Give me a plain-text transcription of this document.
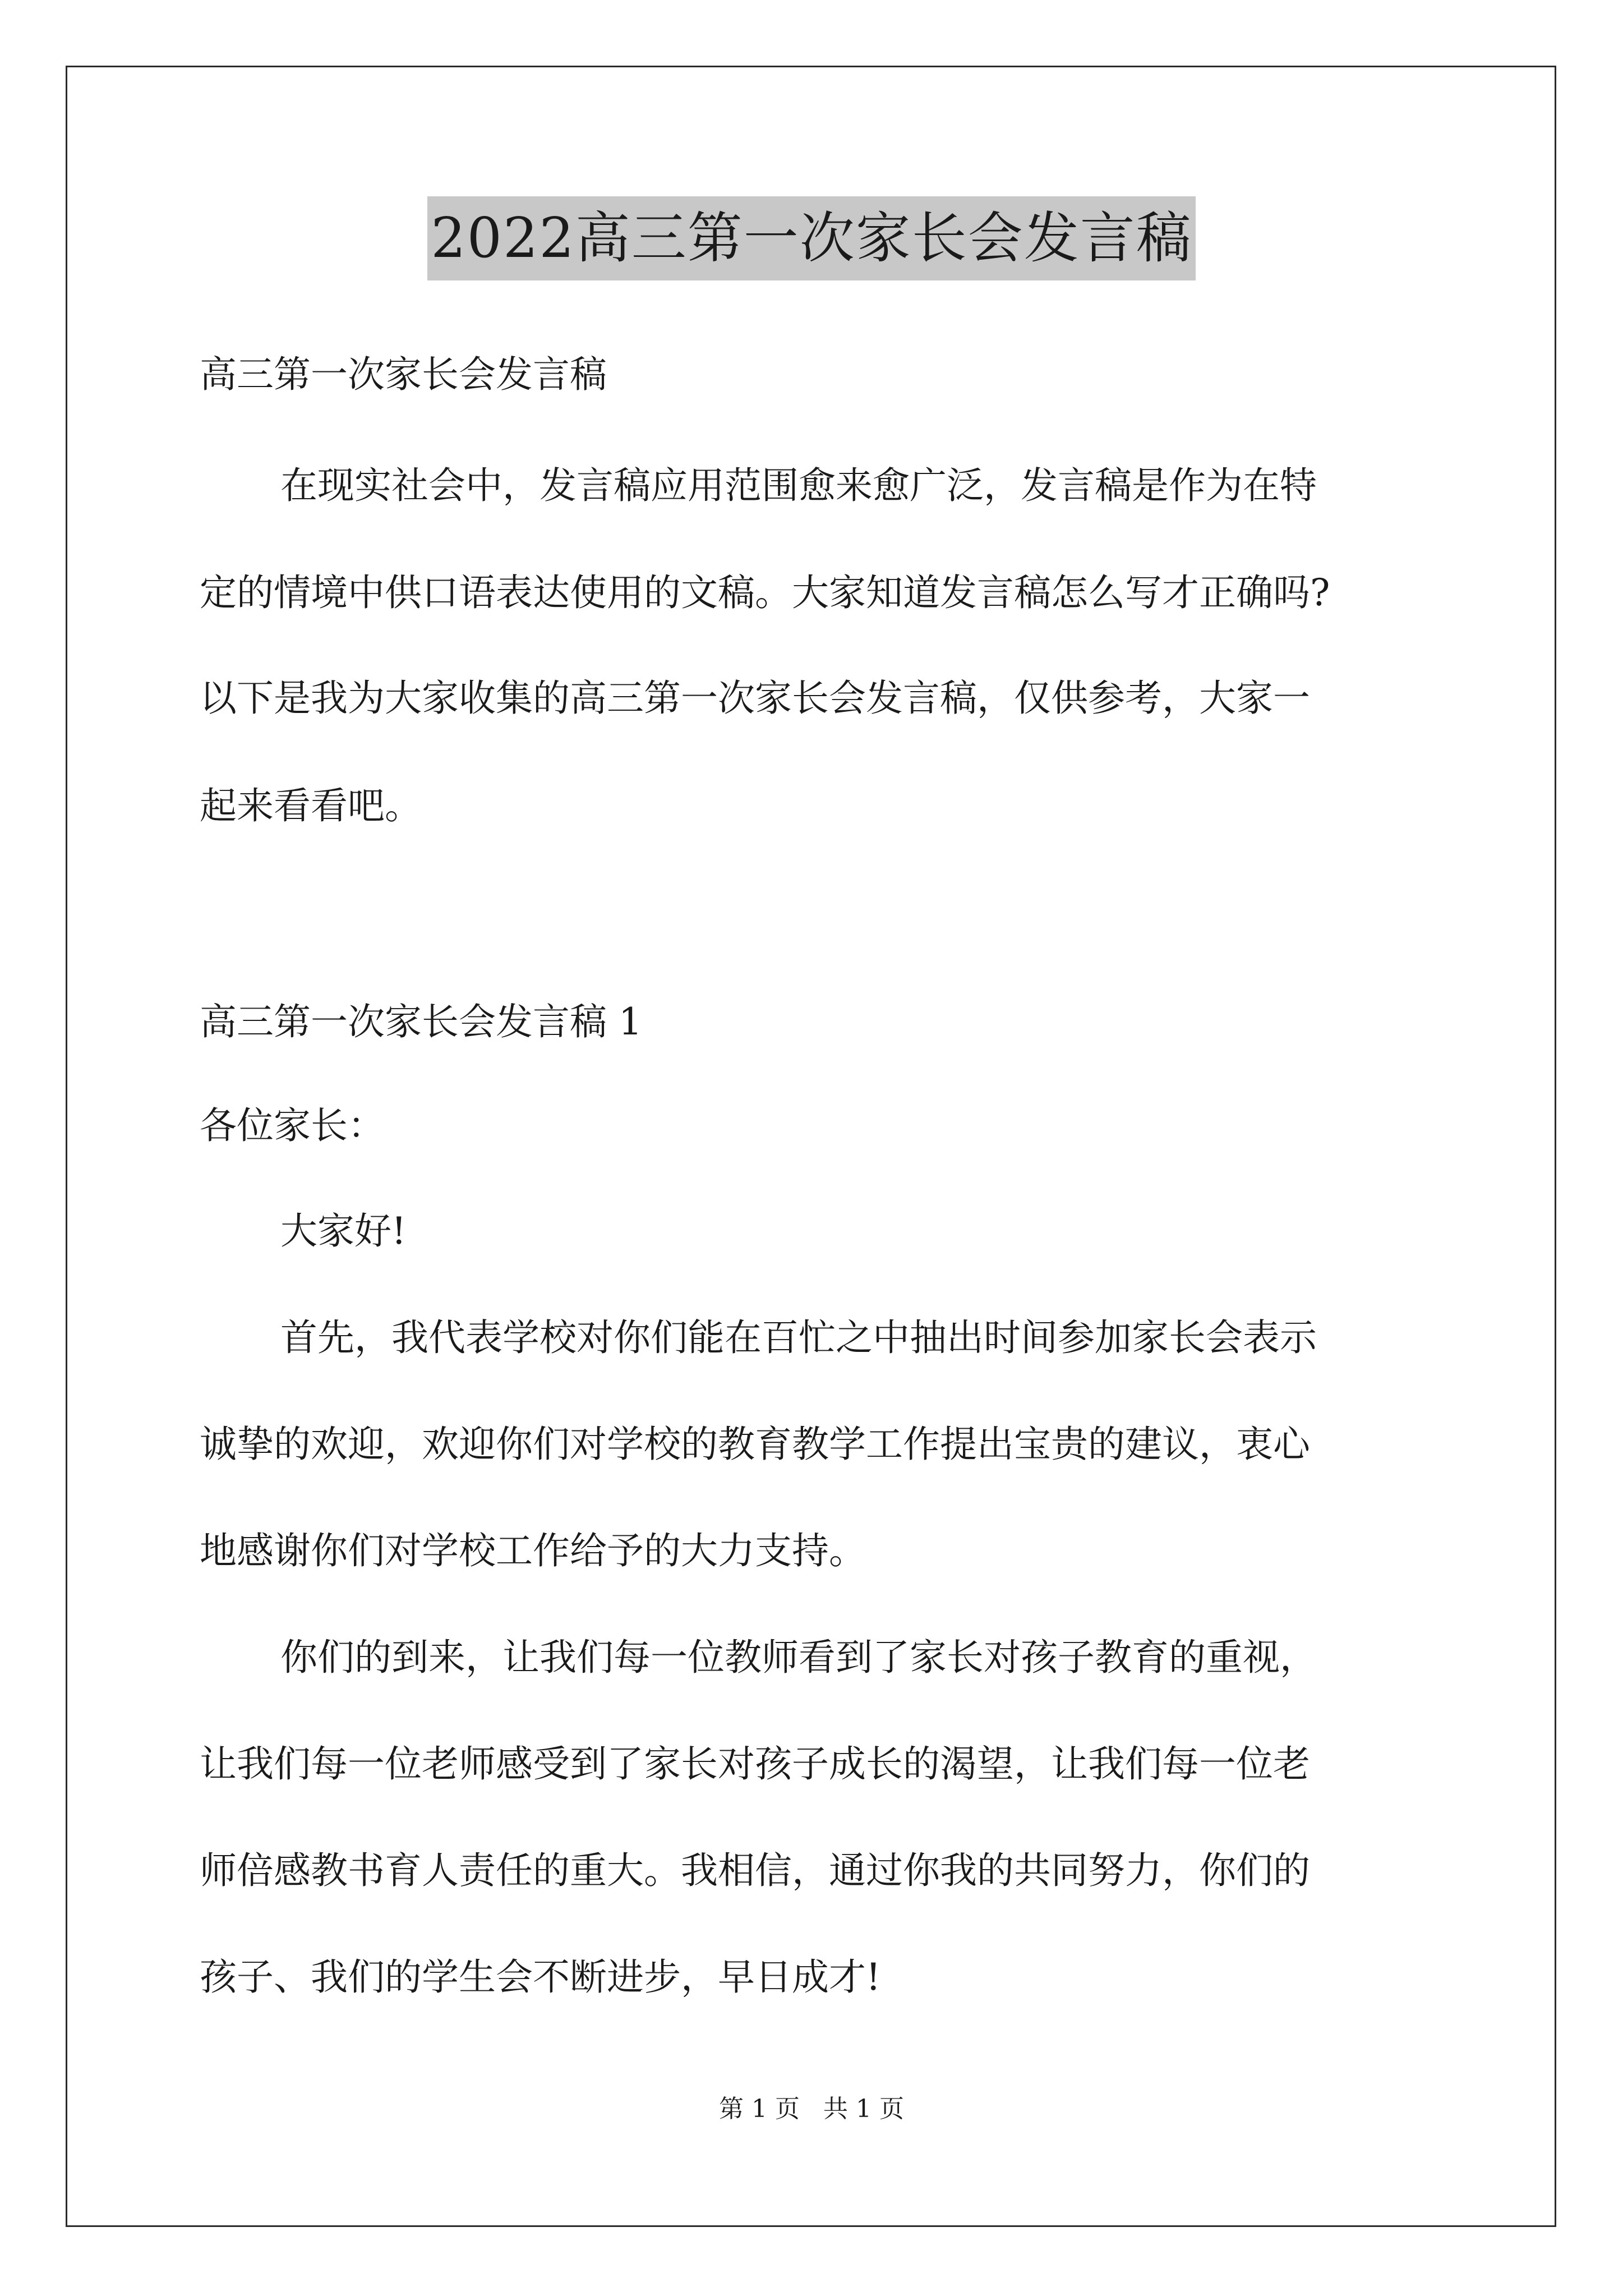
2022高三第一次家长会发言稿
高三第一次家长会发言稿
在现实社会中，发言稿应用范围愈来愈广泛，发言稿是作为在特
定的情境中供口语表达使用的文稿。大家知道发言稿怎么写才正确吗?
以下是我为大家收集的高三第一次家长会发言稿，仅供参考，大家一
起来看看吧。
高三第一次家长会发言稿 1
各位家长：
大家好!
首先，我代表学校对你们能在百忙之中抽出时间参加家长会表示
诚挚的欢迎，欢迎你们对学校的教育教学工作提出宝贵的建议，衷心
地感谢你们对学校工作给予的大力支持。
你们的到来，让我们每一位教师看到了家长对孩子教育的重视，
让我们每一位老师感受到了家长对孩子成长的渴望，让我们每一位老
师倍感教书育人责任的重大。我相信，通过你我的共同努力，你们的
孩子、我们的学生会不断进步，早日成才!
第 1 页 共 1 页
